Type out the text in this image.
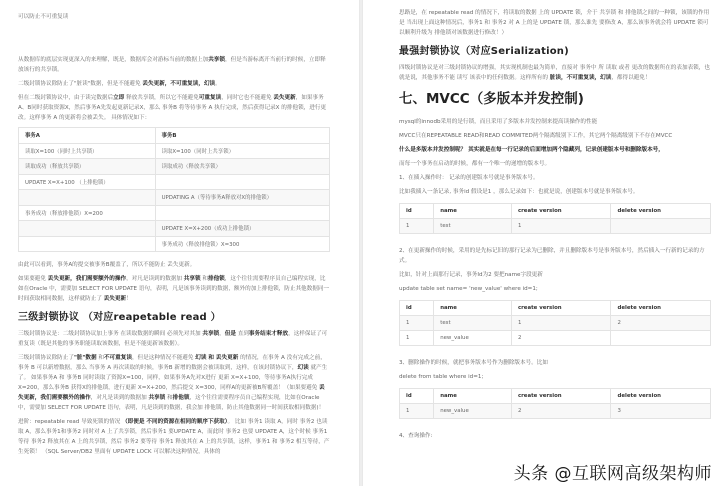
可以防止不可重复读

从数据库的底层实现更深入的来理解，既是，数据库会对游标当前的数据上加共享锁，但是当游标离开当前行的时候，立即释放该行的共享锁。

二级封锁协议除防止了"脏读"数据，但是不能避免 丢失更新，不可重复读，幻读。

但在二级封锁协议中，由于读完数据后立即 释放共享锁，所以它不能避免可重复读，同时它也不能避免 丢失更新，如果事务A、B同时获取资源X，然后事务A先发起更新记录X，那么 事务B 将等待事务 A 执行完成，然后获得记录X 的排他锁，进行更改。这样事务 A 的更新将会被丢失。 具体情况如下：

事务A	事务B
读取X=100（同时上共享锁）	读取X=100（同时上共享锁）
读取成功（释放共享锁）	读取成功（释放共享锁）
UPDATE X=X+100 （上排他锁）	
	UPDATING A（等待事务A释放对X的排他锁）
事务成功（释放排他锁）X=200	
	UPDATE X=X+200（成功上排他锁）
	事务成功（释放排他锁）X=300

由此可以看到，事务A的提交被事务B覆盖了，所以不能防止 丢失更新。

如果要避免 丢失更新，我们需要额外的操作，对凡是读到的数据加 共享锁 和排他锁，这个往往需要程序员自己编程实现，比如在Oracle 中，需要加 SELECT FOR UPDATE 语句，表明，凡是该事务读到的数据，额外的加上排他锁，防止其他数据同一时间获取相同数据，这样就防止了 丢失更新！

三级封锁协议 （对应reapetable read ）

三级封锁协议是：二级封锁协议加上事务 在读取数据的瞬间 必须先对其加 共享锁，但是 直到事务结束才释放，这样保证了可重复读（既是其他的事务职能读取该数据，但是不能更新该数据）。

三级封锁协议除防止了"脏"数据 和不可重复读，但是这种情况不能避免 幻读 和 丢失更新 的情况，在事务 A 没有完成之前，事务 B 可以新增数据，那么 当事务 A 再次读取的时候，事务B 新增的数据会被读取到，这样，在该封锁协议下，幻读 就产生了。 如果事务A 和 事务B 同时读取了资源X=100，同样，如果事务A先对X进行 更新 X=X+100，等待事务A执行完成X=200，那么事务B 获得X的排他锁，进行更新 X=X+200，然后提交 X=300，同样A的更新被B所覆盖！（如果要避免 丢失更新，我们需要额外的操作，对凡是读到的数据加 共享锁 和排他锁，这个往往需要程序员自己编程实现，比如在Oracle中，需要加 SELECT FOR UPDATE 语句，表明，凡是读到的数据，我会加 排他锁，防止其他数据同一时间获取相同数据)！

进阶：repeatable read 导致死锁的情况 （即便是 不同的资源在相同的顺序下获取）。 比如 事务1 读取 A，同时 事务2 也读取 A，那么事务1和事务2 同时对 A 上了共享锁，然后事务1 要UPDATE A，而此时 事务2 也要 UPDATE A，这个时候 事务1 等待 事务2 释放其在 A 上的共享锁，然后 事务2 要等待 事务1 释放其在 A 上的共享锁，这样，事务1 和 事务2 相互等待，产生死锁！ （SQL Server/DB2 里面有 UPDATE LOCK 可以解决这种情况，具体的

思路是，在 repeatable read 的情况下，将读取的数据 上的 UPDATE 锁，介于 共享锁 和 排他锁之间的一种锁，该锁的作用是 当出现上面这种情况后，事务1 和 事务2 对 A 上的是 UPDATE 锁，那么谁先 要修改 A，那么该事务就会将 UPDATE 锁可以顺利升级为 排他锁对该数据进行修改！）

最强封锁协议（对应Serialization)

四级封锁协议是对三级封锁协议的增强，其实现机制也最为简单，直接对 事务中 所 读取 或者 更改的数据所在的表加表锁，也就是说，其他事务不能 读写 该表中的任何数据。这样所有的 脏读，不可重复读，幻读，都得以避免！

七、MVCC（多版本并发控制)

mysql的innodb采用的是行锁，而且采用了多版本并发控制来提高读操作的性能

MVCC只在REPEATABLE READ和READ COMMITED两个隔离级别下工作，其它两个隔离级别下不存在MVCC

什么是多版本并发控制呢？ 其实就是在每一行记录的后面增加两个隐藏列，记录创建版本号和删除版本号，

而每一个事务在启动的时候，都有一个唯一的递增的版本号。

1、在插入操作时： 记录的创建版本号就是事务版本号。

比如我插入一条记录, 事务id 假设是1 ，那么记录如下：也就是说，创建版本号就是事务版本号。

id	name	create version	delete version
1	test	1	

2、在更新操作的时候，采用的是先标记旧的那行记录为已删除，并且删除版本号是事务版本号，然后插入一行新的记录的方式。

比如，针对上面那行记录，事务Id为2 要把name字段更新

update table set name= 'new_value' where id=1;

id	name	create version	delete version
1	test	1	2
1	new_value	2	

3、删除操作的时候，就把事务版本号作为删除版本号。比如

delete from table where id=1;

id	name	create version	delete version
1	new_value	2	3

4、查询操作:

头条 @互联网高级架构师
